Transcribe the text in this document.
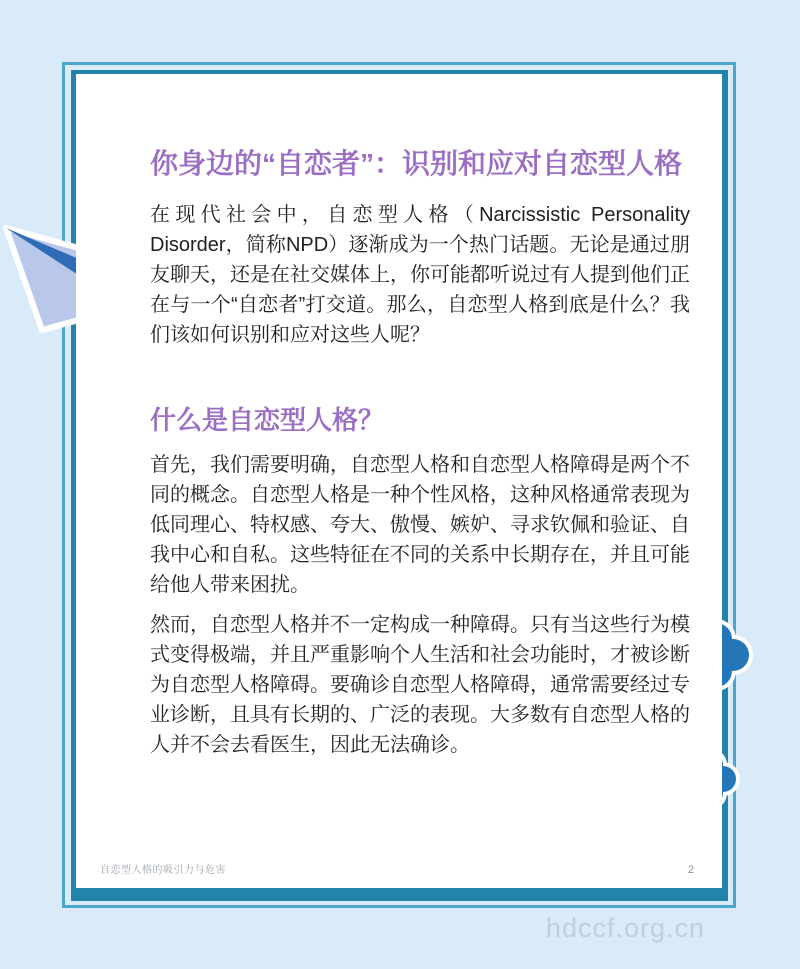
hdccf.org.cn
你身边的“自恋者”：识别和应对自恋型人格

在现代社会中，自恋型人格（Narcissistic Personality Disorder，简称NPD）逐渐成为一个热门话题。无论是通过朋友聊天，还是在社交媒体上，你可能都听说过有人提到他们正在与一个“自恋者”打交道。那么，自恋型人格到底是什么？我们该如何识别和应对这些人呢？

什么是自恋型人格？

首先，我们需要明确，自恋型人格和自恋型人格障碍是两个不同的概念。自恋型人格是一种个性风格，这种风格通常表现为低同理心、特权感、夸大、傲慢、嫉妒、寻求钦佩和验证、自我中心和自私。这些特征在不同的关系中长期存在，并且可能给他人带来困扰。

然而，自恋型人格并不一定构成一种障碍。只有当这些行为模式变得极端，并且严重影响个人生活和社会功能时，才被诊断为自恋型人格障碍。要确诊自恋型人格障碍，通常需要经过专业诊断，且具有长期的、广泛的表现。大多数有自恋型人格的人并不会去看医生，因此无法确诊。

自恋型人格的吸引力与危害	2
